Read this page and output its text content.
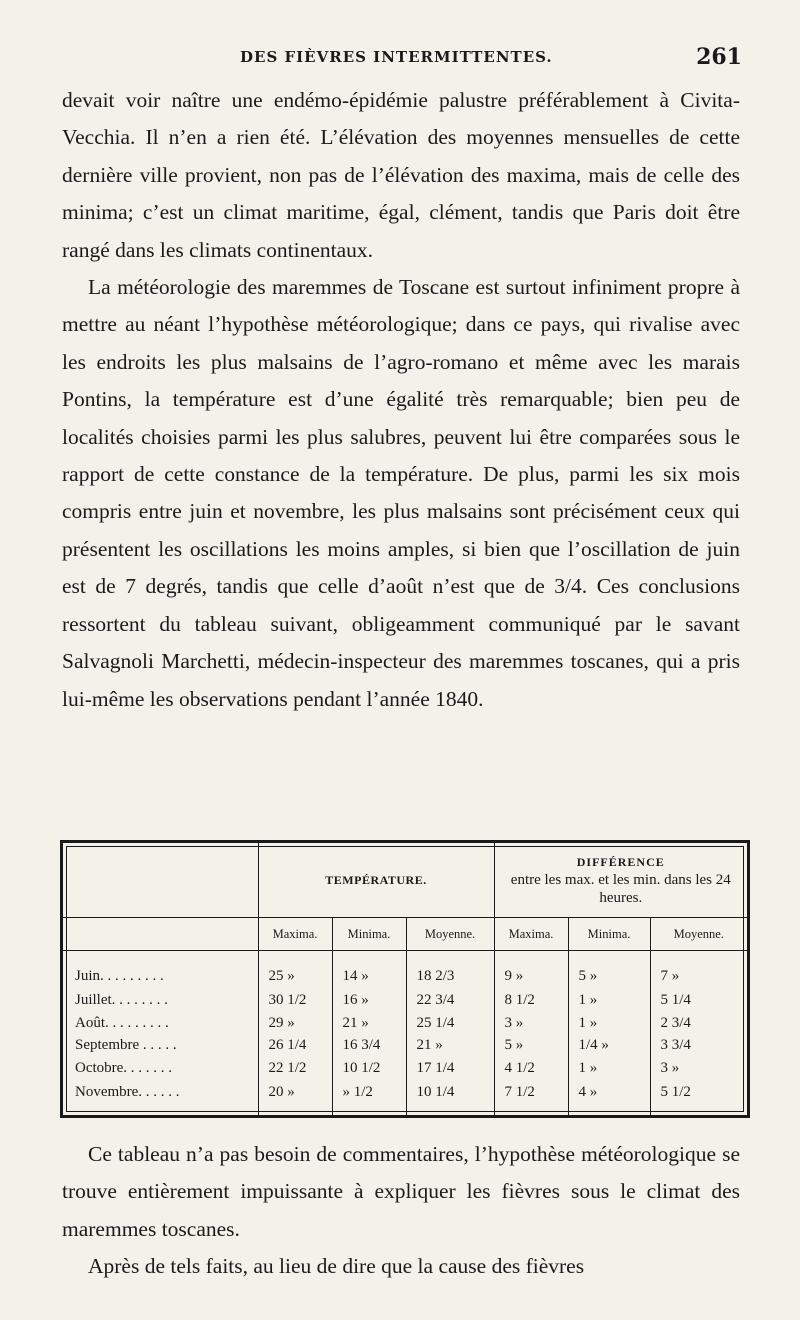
DES FIÈVRES INTERMITTENTES.	261

devait voir naître une endémo-épidémie palustre préférablement à Civita-Vecchia. Il n’en a rien été. L’élévation des moyennes mensuelles de cette dernière ville provient, non pas de l’élévation des maxima, mais de celle des minima; c’est un climat maritime, égal, clément, tandis que Paris doit être rangé dans les climats continentaux.

La météorologie des maremmes de Toscane est surtout infiniment propre à mettre au néant l’hypothèse météorologique; dans ce pays, qui rivalise avec les endroits les plus malsains de l’agro-romano et même avec les marais Pontins, la température est d’une égalité très remarquable; bien peu de localités choisies parmi les plus salubres, peuvent lui être comparées sous le rapport de cette constance de la température. De plus, parmi les six mois compris entre juin et novembre, les plus malsains sont précisément ceux qui présentent les oscillations les moins amples, si bien que l’oscillation de juin est de 7 degrés, tandis que celle d’août n’est que de 3/4. Ces conclusions ressortent du tableau suivant, obligeamment communiqué par le savant Salvagnoli Marchetti, médecin-inspecteur des maremmes toscanes, qui a pris lui-même les observations pendant l’année 1840.

	TEMPÉRATURE.			DIFFÉRENCE
entre les max. et les min. dans les 24 heures.		
	Maxima.	Minima.	Moyenne.	Maxima.	Minima.	Moyenne.
Juin. . . . . . . . .	25 »	14 »	18 2/3	9 »	5 »	7 »
Juillet. . . . . . . .	30 1/2	16 »	22 3/4	8 1/2	1 »	5 1/4
Août. . . . . . . . .	29 »	21 »	25 1/4	3 »	1 »	2 3/4
Septembre . . . . .	26 1/4	16 3/4	21 »	5 »	1/4 »	3 3/4
Octobre. . . . . . .	22 1/2	10 1/2	17 1/4	4 1/2	1 »	3 »
Novembre. . . . . .	20 »	» 1/2	10 1/4	7 1/2	4 »	5 1/2

Ce tableau n’a pas besoin de commentaires, l’hypothèse météorologique se trouve entièrement impuissante à expliquer les fièvres sous le climat des maremmes toscanes.

Après de tels faits, au lieu de dire que la cause des fièvres
